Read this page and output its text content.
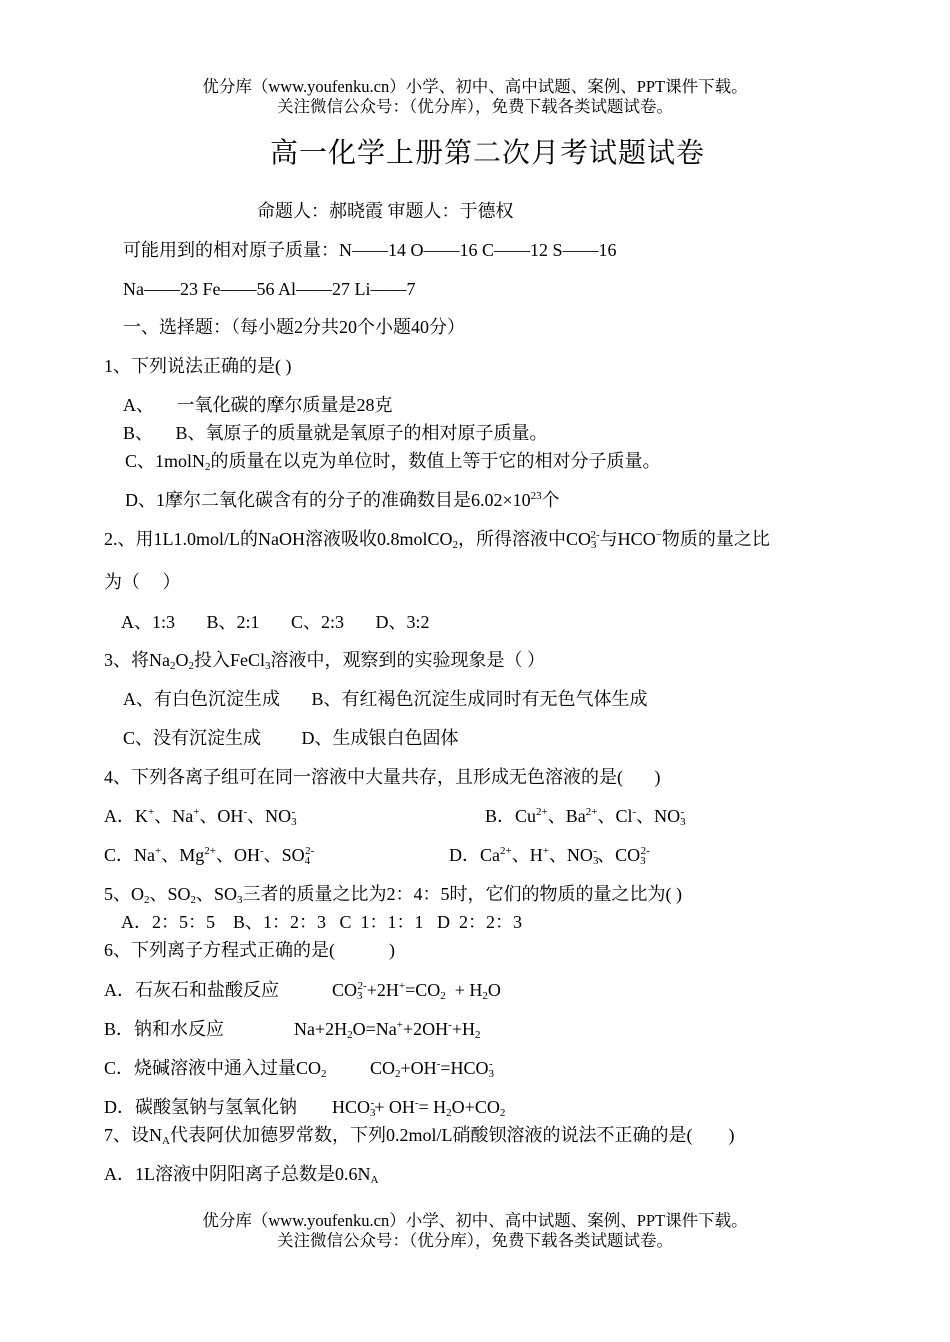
优分库（www.youfenku.cn）小学、初中、高中试题、案例、PPT课件下载。
关注微信公众号：（优分库），免费下载各类试题试卷。
高一化学上册第二次月考试题试卷
命题人：郝晓霞 审题人：于德权
可能用到的相对原子质量：N——14 O——16 C——12 S——16
Na——23 Fe——56 Al——27 Li——7
一、选择题：（每小题2分共20个小题40分）
1、下列说法正确的是( )
A、     一氧化碳的摩尔质量是28克
B、     B、氧原子的质量就是氧原子的相对原子质量。
C、1molN$_2$的质量在以克为单位时，数值上等于它的相对分子质量。
D、1摩尔二氧化碳含有的分子的准确数目是$6.02\times 10^{23}$个
2.、用1L1.0mol/L的NaOH溶液吸收0.8molCO$_2$，所得溶液中$CO_3^{2-}$与HCO−物质的量之比
为（     ）
A、1:3       B、2:1       C、2:3       D、3:2
3、将$Na_2O_2$投入FeCl$_3$溶液中，观察到的实验现象是（ ）
A、有白色沉淀生成       B、有红褐色沉淀生成同时有无色气体生成
C、没有沉淀生成         D、生成银白色固体
4、下列各离子组可在同一溶液中大量共存，且形成无色溶液的是(       )
A．K+、Na+、OH-、$NO_3^-$	B．$Cu^{2+}$、$Ba^{2+}$、Cl-、$NO_3^-$
C．Na+、$Mg^{2+}$、OH-、$SO_4^{2-}$	D．$Ca^{2+}$、H+、$NO_3^-$、$CO_3^{2-}$
5、$O_2$、$SO_2$、$SO_3$三者的质量之比为2：4：5时，它们的物质的量之比为( )
A．2：5：5    B、1：2：3   C  1：1：1   D  2：2：3
6、下列离子方程式正确的是(            )
A．石灰石和盐酸反应	$CO_3^{2-}+2H^+=CO_2 + H_2O$
B．钠和水反应	$Na+2H_2O=Na^++2OH^-+H_2$
C．烧碱溶液中通入过量$CO_2$ $CO_2+OH^-=HCO_3^-$
D．碳酸氢钠与氢氧化钠 $HCO_3^-+ OH^-= H_2O+CO_2$
7、设$N_A$代表阿伏加德罗常数，下列0.2mol/L硝酸钡溶液的说法不正确的是(        )
A．1L溶液中阴阳离子总数是$0.6N_A$
优分库（www.youfenku.cn）小学、初中、高中试题、案例、PPT课件下载。
关注微信公众号：（优分库），免费下载各类试题试卷。
